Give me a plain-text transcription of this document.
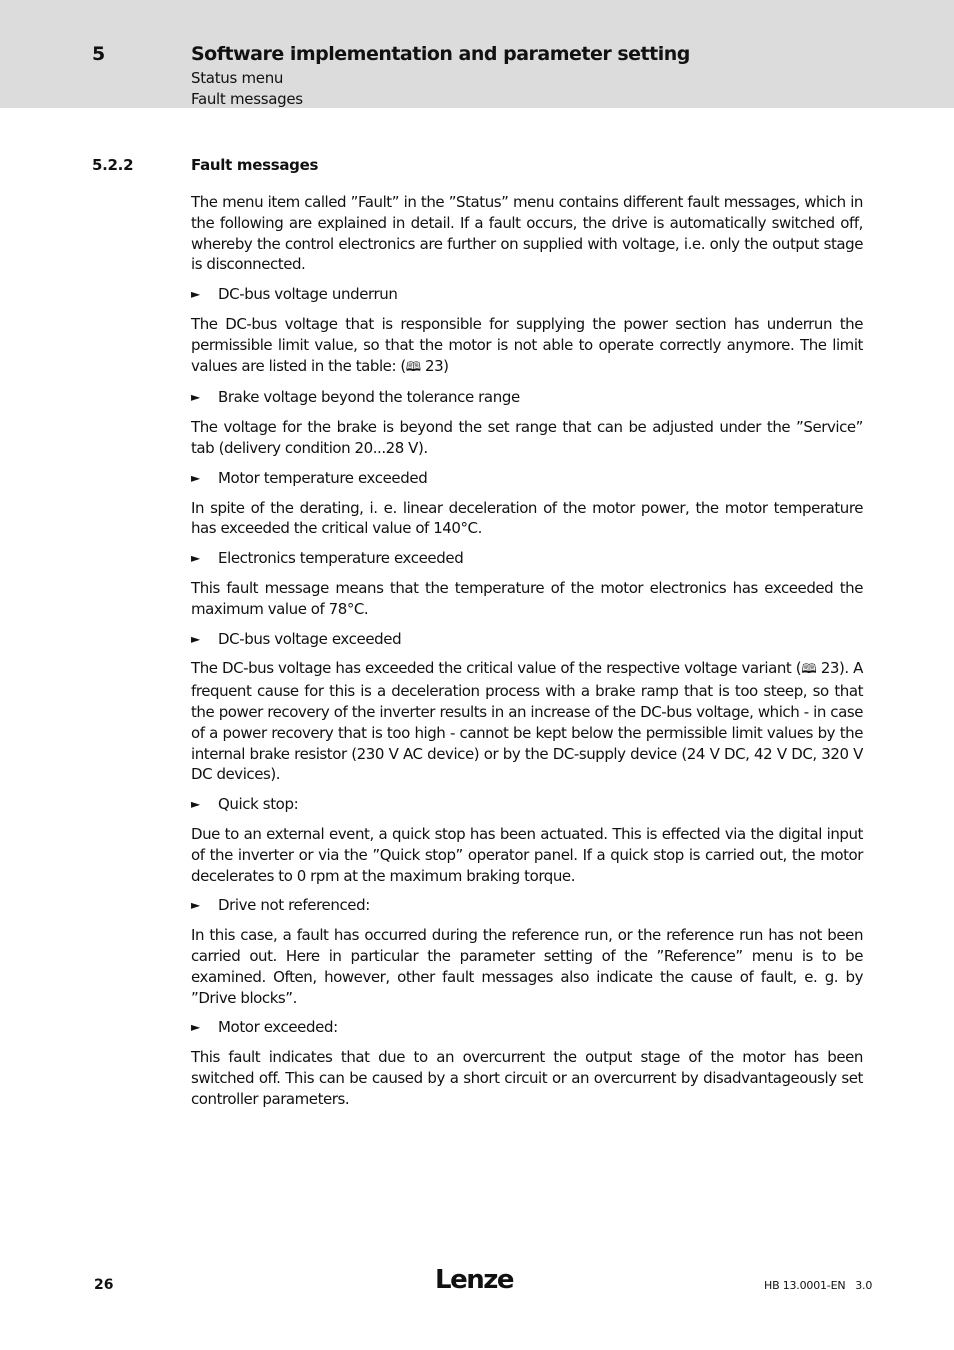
5	Software implementation and parameter setting
Status menu
Fault messages
5.2.2	Fault messages

The menu item called ”Fault” in the ”Status” menu contains different fault messages, which in the following are explained in detail. If a fault occurs, the drive is automatically switched off, whereby the control electronics are further on supplied with voltage, i.e. only the output stage is disconnected.

►	DC-bus voltage underrun

The DC-bus voltage that is responsible for supplying the power section has underrun the permissible limit value, so that the motor is not able to operate correctly anymore. The limit values are listed in the table: (🕮 23)

►	Brake voltage beyond the tolerance range

The voltage for the brake is beyond the set range that can be adjusted under the ”Service” tab (delivery condition 20...28 V).

►	Motor temperature exceeded

In spite of the derating, i. e. linear deceleration of the motor power, the motor temperature has exceeded the critical value of 140°C.

►	Electronics temperature exceeded

This fault message means that the temperature of the motor electronics has exceeded the maximum value of 78°C.

►	DC-bus voltage exceeded

The DC-bus voltage has exceeded the critical value of the respective voltage variant (🕮 23). A frequent cause for this is a deceleration process with a brake ramp that is too steep, so that the power recovery of the inverter results in an increase of the DC-bus voltage, which - in case of a power recovery that is too high - cannot be kept below the permissible limit values by the internal brake resistor (230 V AC device) or by the DC-supply device (24 V DC, 42 V DC, 320 V DC devices).

►	Quick stop:

Due to an external event, a quick stop has been actuated. This is effected via the digital input of the inverter or via the ”Quick stop” operator panel. If a quick stop is carried out, the motor decelerates to 0 rpm at the maximum braking torque.

►	Drive not referenced:

In this case, a fault has occurred during the reference run, or the reference run has not been carried out. Here in particular the parameter setting of the ”Reference” menu is to be examined. Often, however, other fault messages also indicate the cause of fault, e. g. by ”Drive blocks”.

►	Motor exceeded:

This fault indicates that due to an overcurrent the output stage of the motor has been switched off. This can be caused by a short circuit or an overcurrent by disadvantageously set controller parameters.

26	Lenze	HB 13.0001-EN   3.0
